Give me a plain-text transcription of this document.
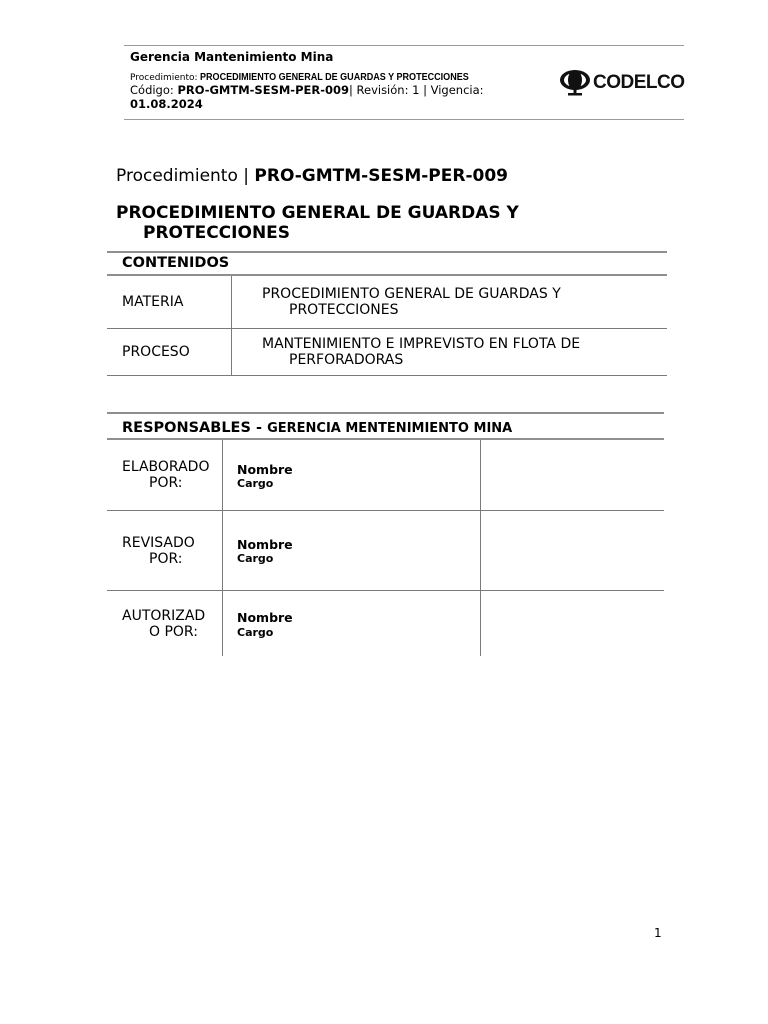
Gerencia Mantenimiento Mina
Procedimiento: PROCEDIMIENTO GENERAL DE GUARDAS Y PROTECCIONES
Código: PRO-GMTM-SESM-PER-009| Revisión: 1 | Vigencia:
01.08.2024
CODELCO
Procedimiento | PRO-GMTM-SESM-PER-009
PROCEDIMIENTO GENERAL DE GUARDAS Y
PROTECCIONES
CONTENIDOS
MATERIA	PROCEDIMIENTO GENERAL DE GUARDAS Y
PROTECCIONES
PROCESO	MANTENIMIENTO E IMPREVISTO EN FLOTA DE
PERFORADORAS
RESPONSABLES - GERENCIA MENTENIMIENTO MINA
ELABORADO
POR:
Nombre
Cargo
REVISADO
POR:
Nombre
Cargo
AUTORIZAD
O POR:
Nombre
Cargo
1
